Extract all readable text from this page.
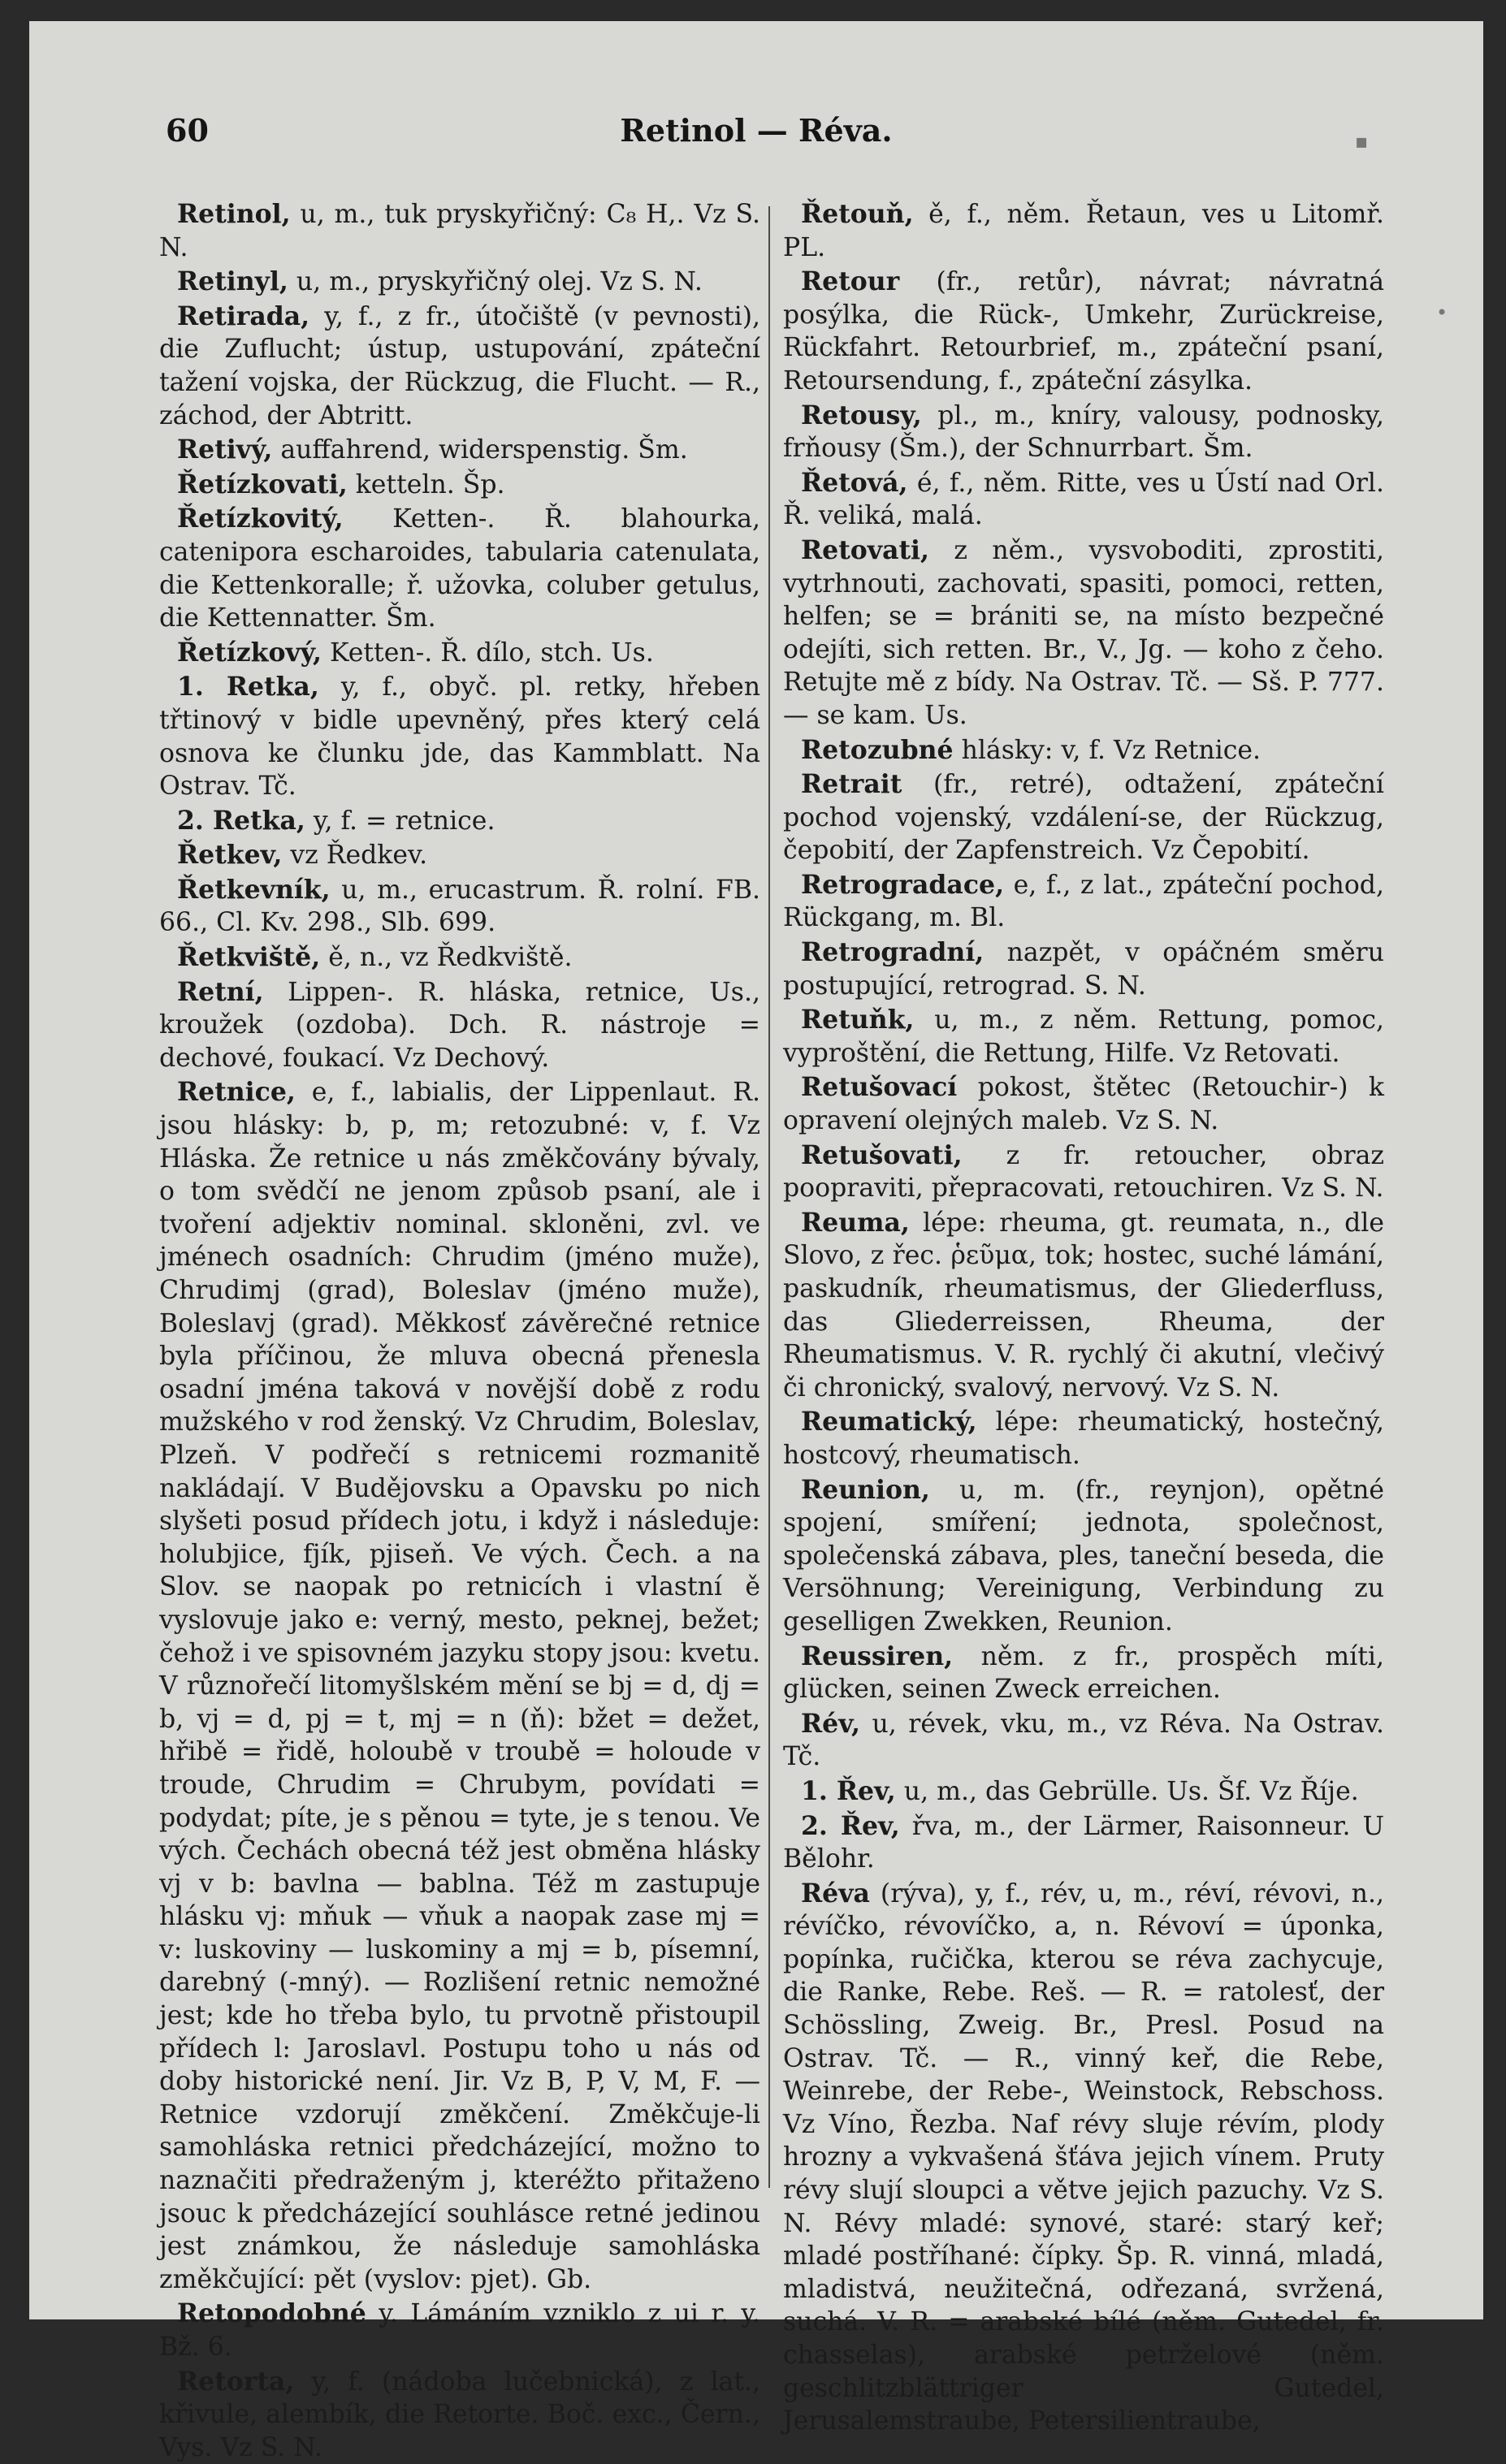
60	Retinol — Réva.

Retinol, u, m., tuk pryskyřičný: C₈ H,. Vz S. N.

Retinyl, u, m., pryskyřičný olej. Vz S. N.

Retirada, y, f., z fr., útočiště (v pevnosti), die Zuflucht; ústup, ustupování, zpáteční tažení vojska, der Rückzug, die Flucht. — R., záchod, der Abtritt.

Retivý, auffahrend, widerspenstig. Šm.

Řetízkovati, ketteln. Šp.

Řetízkovitý, Ketten-. Ř. blahourka, catenipora escharoides, tabularia catenulata, die Kettenkoralle; ř. užovka, coluber getulus, die Kettennatter. Šm.

Řetízkový, Ketten-. Ř. dílo, stch. Us.

1. Retka, y, f., obyč. pl. retky, hřeben třtinový v bidle upevněný, přes který celá osnova ke člunku jde, das Kammblatt. Na Ostrav. Tč.

2. Retka, y, f. = retnice.

Řetkev, vz Ředkev.

Řetkevník, u, m., erucastrum. Ř. rolní. FB. 66., Cl. Kv. 298., Slb. 699.

Řetkviště, ě, n., vz Ředkviště.

Retní, Lippen-. R. hláska, retnice, Us., kroužek (ozdoba). Dch. R. nástroje = dechové, foukací. Vz Dechový.

Retnice, e, f., labialis, der Lippenlaut. R. jsou hlásky: b, p, m; retozubné: v, f. Vz Hláska. Že retnice u nás změkčovány bývaly, o tom svědčí ne jenom způsob psaní, ale i tvoření adjektiv nominal. skloněni, zvl. ve jménech osadních: Chrudim (jméno muže), Chrudimj (grad), Boleslav (jméno muže), Boleslavj (grad). Měkkosť závěrečné retnice byla příčinou, že mluva obecná přenesla osadní jména taková v novější době z rodu mužského v rod ženský. Vz Chrudim, Boleslav, Plzeň. V podřečí s retnicemi rozmanitě nakládají. V Budějovsku a Opavsku po nich slyšeti posud přídech jotu, i když i následuje: holubjice, fjík, pjiseň. Ve vých. Čech. a na Slov. se naopak po retnicích i vlastní ě vyslovuje jako e: verný, mesto, peknej, bežet; čehož i ve spisovném jazyku stopy jsou: kvetu. V různořečí litomyšlském mění se bj = d, dj = b, vj = d, pj = t, mj = n (ň): bžet = dežet, hřibě = řidě, holoubě v troubě = holoude v troude, Chrudim = Chrubym, povídati = podydat; píte, je s pěnou = tyte, je s tenou. Ve vých. Čechách obecná též jest obměna hlásky vj v b: bavlna — bablna. Též m zastupuje hlásku vj: mňuk — vňuk a naopak zase mj = v: luskoviny — luskominy a mj = b, písemní, darebný (-mný). — Rozlišení retnic nemožné jest; kde ho třeba bylo, tu prvotně přistoupil přídech l: Jaroslavl. Postupu toho u nás od doby historické není. Jir. Vz B, P, V, M, F. — Retnice vzdorují změkčení. Změkčuje-li samohláska retnici předcházející, možno to naznačiti předraženým j, kteréžto přitaženo jsouc k předcházející souhlásce retné jedinou jest známkou, že následuje samohláska změkčující: pět (vyslov: pjet). Gb.

Retopodobné y. Lámáním vzniklo z ui r. y. Bž. 6.

Retorta, y, f. (nádoba lučebnická), z lat., křivule, alembík, die Retorte. Boč. exc., Čern., Vys. Vz S. N.

Řetouň, ě, f., něm. Řetaun, ves u Litomř. PL.

Retour (fr., retůr), návrat; návratná posýlka, die Rück-, Umkehr, Zurückreise, Rückfahrt. Retourbrief, m., zpáteční psaní, Retoursendung, f., zpáteční zásylka.

Retousy, pl., m., kníry, valousy, podnosky, frňousy (Šm.), der Schnurrbart. Šm.

Řetová, é, f., něm. Ritte, ves u Ústí nad Orl. Ř. veliká, malá.

Retovati, z něm., vysvoboditi, zprostiti, vytrhnouti, zachovati, spasiti, pomoci, retten, helfen; se = brániti se, na místo bezpečné odejíti, sich retten. Br., V., Jg. — koho z čeho. Retujte mě z bídy. Na Ostrav. Tč. — Sš. P. 777. — se kam. Us.

Retozubné hlásky: v, f. Vz Retnice.

Retrait (fr., retré), odtažení, zpáteční pochod vojenský, vzdálení-se, der Rückzug, čepobití, der Zapfenstreich. Vz Čepobití.

Retrogradace, e, f., z lat., zpáteční pochod, Rückgang, m. Bl.

Retrogradní, nazpět, v opáčném směru postupující, retrograd. S. N.

Retuňk, u, m., z něm. Rettung, pomoc, vyproštění, die Rettung, Hilfe. Vz Retovati.

Retušovací pokost, štětec (Retouchir-) k opravení olejných maleb. Vz S. N.

Retušovati, z fr. retoucher, obraz poopraviti, přepracovati, retouchiren. Vz S. N.

Reuma, lépe: rheuma, gt. reumata, n., dle Slovo, z řec. ῥεῦμα, tok; hostec, suché lámání, paskudník, rheumatismus, der Gliederfluss, das Gliederreissen, Rheuma, der Rheumatismus. V. R. rychlý či akutní, vlečivý či chronický, svalový, nervový. Vz S. N.

Reumatický, lépe: rheumatický, hostečný, hostcový, rheumatisch.

Reunion, u, m. (fr., reynjon), opětné spojení, smíření; jednota, společnost, společenská zábava, ples, taneční beseda, die Versöhnung; Vereinigung, Verbindung zu geselligen Zwekken, Reunion.

Reussiren, něm. z fr., prospěch míti, glücken, seinen Zweck erreichen.

Rév, u, révek, vku, m., vz Réva. Na Ostrav. Tč.

1. Řev, u, m., das Gebrülle. Us. Šf. Vz Říje.

2. Řev, řva, m., der Lärmer, Raisonneur. U Bělohr.

Réva (rýva), y, f., rév, u, m., réví, révovi, n., révíčko, révovíčko, a, n. Révoví = úponka, popínka, ručička, kterou se réva zachycuje, die Ranke, Rebe. Reš. — R. = ratolesť, der Schössling, Zweig. Br., Presl. Posud na Ostrav. Tč. — R., vinný keř, die Rebe, Weinrebe, der Rebe-, Weinstock, Rebschoss. Vz Víno, Řezba. Naf révy sluje révím, plody hrozny a vykvašená šťáva jejich vínem. Pruty révy slují sloupci a větve jejich pazuchy. Vz S. N. Révy mladé: synové, staré: starý keř; mladé postříhané: čípky. Šp. R. vinná, mladá, mladistvá, neužitečná, odřezaná, svržená, suchá. V. R. = arabské bílé (něm. Gutedel, fr. chasselas), arabské petrželové (něm. geschlitzblättriger Gutedel, Jerusalemstraube, Petersilientraube,

▪
•
